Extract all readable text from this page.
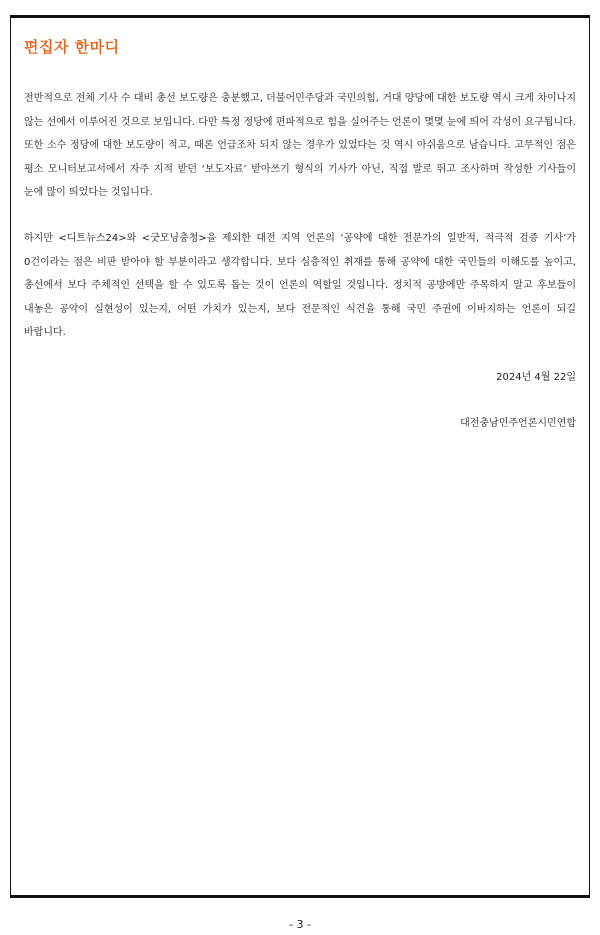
편집자 한마디

전반적으로 전체 기사 수 대비 총선 보도량은 충분했고, 더불어민주당과 국민의힘, 거대 양당에 대한 보도량 역시 크게 차이나지 않는 선에서 이루어진 것으로 보입니다. 다만 특정 정당에 편파적으로 힘을 실어주는 언론이 몇몇 눈에 띄어 각성이 요구됩니다. 또한 소수 정당에 대한 보도량이 적고, 때론 언급조차 되지 않는 경우가 있었다는 것 역시 아쉬움으로 남습니다. 고무적인 점은 평소 모니터보고서에서 자주 지적 받던 ‘보도자료’ 받아쓰기 형식의 기사가 아닌, 직접 발로 뛰고 조사하며 작성한 기사들이 눈에 많이 띄었다는 것입니다.

하지만 <디트뉴스24>와 <굿모닝충청>을 제외한 대전 지역 언론의 ‘공약에 대한 전문가의 일반적, 적극적 검증 기사’가 0건이라는 점은 비판 받아야 할 부분이라고 생각합니다. 보다 심층적인 취재를 통해 공약에 대한 국민들의 이해도를 높이고, 총선에서 보다 주체적인 선택을 할 수 있도록 돕는 것이 언론의 역할일 것입니다. 정치적 공방에만 주목하지 말고 후보들이 내놓은 공약이 실현성이 있는지, 어떤 가치가 있는지, 보다 전문적인 식견을 통해 국민 주권에 이바지하는 언론이 되길 바랍니다.

2024년 4월 22일
대전충남민주언론시민연합
- 3 -
